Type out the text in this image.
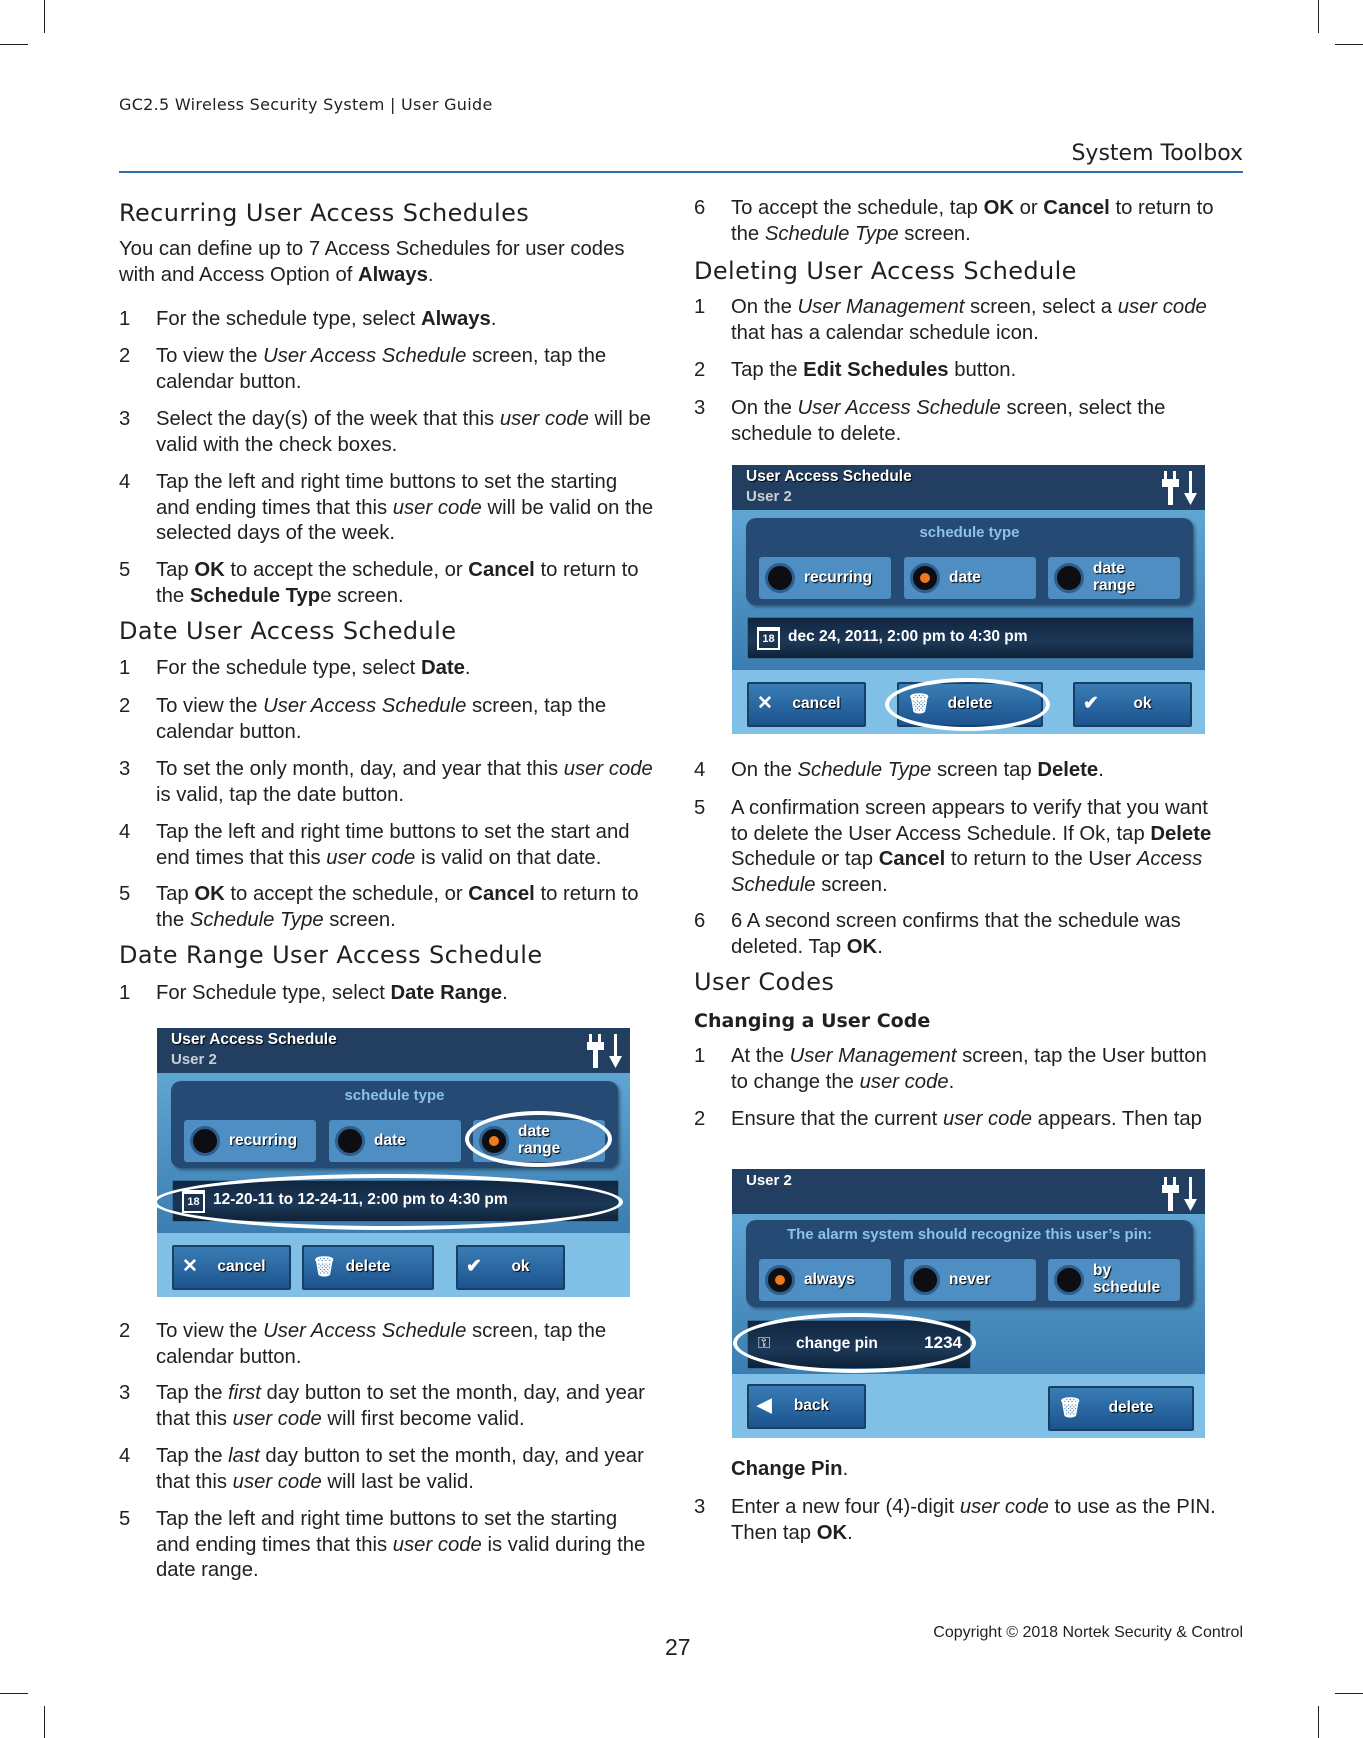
GC2.5 Wireless Security System | User Guide
System Toolbox
Recurring User Access Schedules
You can define up to 7 Access Schedules for user codes
with and Access Option of Always.
1 For the schedule type, select Always.
2 To view the User Access Schedule screen, tap the
calendar button.
3 Select the day(s) of the week that this user code will be
valid with the check boxes.
4 Tap the left and right time buttons to set the starting
and ending times that this user code will be valid on the
selected days of the week.
5 Tap OK to accept the schedule, or Cancel to return to
the Schedule Type screen.
Date User Access Schedule
1 For the schedule type, select Date.
2 To view the User Access Schedule screen, tap the
calendar button.
3 To set the only month, day, and year that this user code
is valid, tap the date button.
4 Tap the left and right time buttons to set the start and
end times that this user code is valid on that date.
5 Tap OK to accept the schedule, or Cancel to return to
the Schedule Type screen.
Date Range User Access Schedule
1 For Schedule type, select Date Range.
User Access Schedule
User 2
schedule type
recurring	date
date range
18 12-20-11 to 12-24-11, 2:00 pm to 4:30 pm
✕	cancel	🗑 delete	✔	ok
2 To view the User Access Schedule screen, tap the
calendar button.
3 Tap the first day button to set the month, day, and year
that this user code will first become valid.
4 Tap the last day button to set the month, day, and year
that this user code will last be valid.
5 Tap the left and right time buttons to set the starting
and ending times that this user code is valid during the
date range.
6 To accept the schedule, tap OK or Cancel to return to
the Schedule Type screen.
Deleting User Access Schedule
1 On the User Management screen, select a user code
that has a calendar schedule icon.
2 Tap the Edit Schedules button.
3 On the User Access Schedule screen, select the
schedule to delete.
User Access Schedule
User 2
schedule type
recurring	date
date range
18 dec 24, 2011, 2:00 pm to 4:30 pm
✕	cancel	🗑	delete	✔	ok
4 On the Schedule Type screen tap Delete.
5 A confirmation screen appears to verify that you want
to delete the User Access Schedule. If Ok, tap Delete
Schedule or tap Cancel to return to the User Access
Schedule screen.
6 6 A second screen confirms that the schedule was
deleted. Tap OK.
User Codes
Changing a User Code
1 At the User Management screen, tap the User button
to change the user code.
2 Ensure that the current user code appears. Then tap
User 2
The alarm system should recognize this user’s pin:
always	never
by schedule
⚿ change pin	1234
◀	back	🗑	delete
Change Pin.
3 Enter a new four (4)-digit user code to use as the PIN.
Then tap OK.
27
Copyright © 2018 Nortek Security & Control
